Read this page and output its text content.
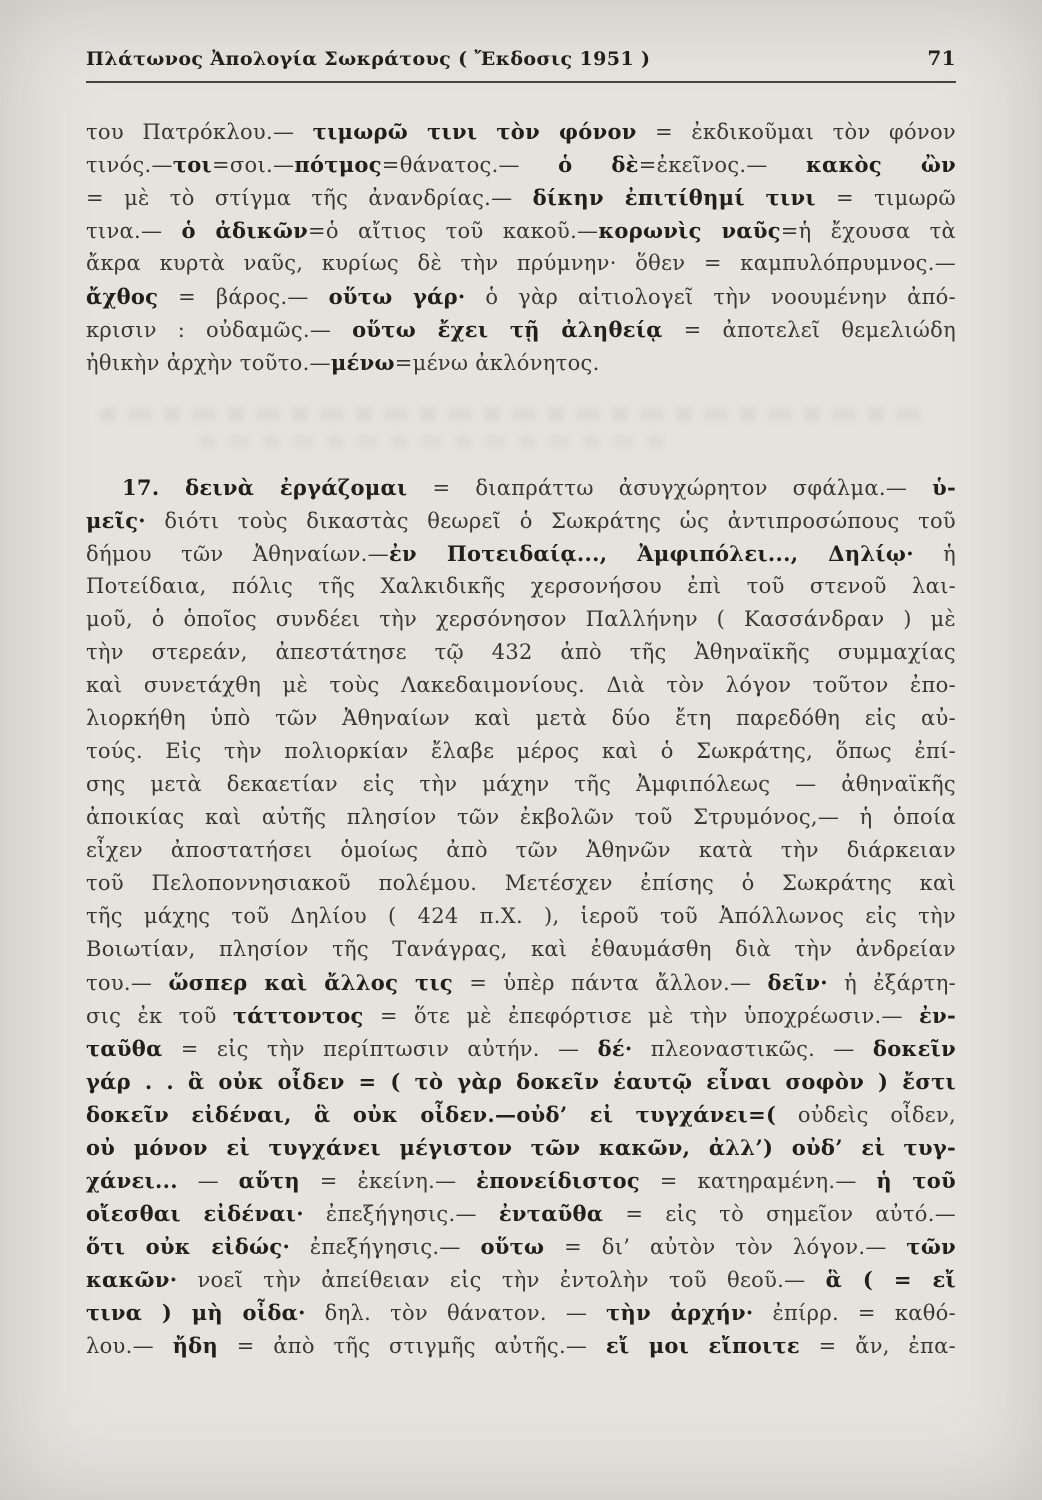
Πλάτωνος Ἀπολογία Σωκράτους ( Ἔκδοσις 1951 )	71
του Πατρόκλου.— τιμωρῶ τινι τὸν φόνον = ἐκδικοῦμαι τὸν φόνον
τινός.—τοι=σοι.—πότμος=θάνατος.— ὁ δὲ=ἐκεῖνος.— κακὸς ὢν
= μὲ τὸ στίγμα τῆς ἀνανδρίας.— δίκην ἐπιτίθημί τινι = τιμωρῶ
τινα.— ὁ ἀδικῶν=ὁ αἴτιος τοῦ κακοῦ.—κορωνὶς ναῦς=ἡ ἔχουσα τὰ
ἄκρα κυρτὰ ναῦς, κυρίως δὲ τὴν πρύμνην· ὅθεν = καμπυλόπρυμνος.—
ἄχθος = βάρος.— οὕτω γάρ· ὁ γὰρ αἰτιολογεῖ τὴν νοουμένην ἀπό-
κρισιν : οὐδαμῶς.— οὕτω ἔχει τῇ ἀληθείᾳ = ἀποτελεῖ θεμελιώδη
ἠθικὴν ἀρχὴν τοῦτο.—μένω=μένω ἀκλόνητος.
17. δεινὰ ἐργάζομαι = διαπράττω ἀσυγχώρητον σφάλμα.— ὑ-
μεῖς· διότι τοὺς δικαστὰς θεωρεῖ ὁ Σωκράτης ὡς ἀντιπροσώπους τοῦ
δήμου τῶν Ἀθηναίων.—ἐν Ποτειδαίᾳ..., Ἀμφιπόλει..., Δηλίῳ· ἡ
Ποτείδαια, πόλις τῆς Χαλκιδικῆς χερσονήσου ἐπὶ τοῦ στενοῦ λαι-
μοῦ, ὁ ὁποῖος συνδέει τὴν χερσόνησον Παλλήνην ( Κασσάνδραν ) μὲ
τὴν στερεάν, ἀπεστάτησε τῷ 432 ἀπὸ τῆς Ἀθηναϊκῆς συμμαχίας
καὶ συνετάχθη μὲ τοὺς Λακεδαιμονίους. Διὰ τὸν λόγον τοῦτον ἐπο-
λιορκήθη ὑπὸ τῶν Ἀθηναίων καὶ μετὰ δύο ἔτη παρεδόθη εἰς αὐ-
τούς. Εἰς τὴν πολιορκίαν ἔλαβε μέρος καὶ ὁ Σωκράτης, ὅπως ἐπί-
σης μετὰ δεκαετίαν εἰς τὴν μάχην τῆς Ἀμφιπόλεως — ἀθηναϊκῆς
ἀποικίας καὶ αὐτῆς πλησίον τῶν ἐκβολῶν τοῦ Στρυμόνος,— ἡ ὁποία
εἶχεν ἀποστατήσει ὁμοίως ἀπὸ τῶν Ἀθηνῶν κατὰ τὴν διάρκειαν
τοῦ Πελοποννησιακοῦ πολέμου. Μετέσχεν ἐπίσης ὁ Σωκράτης καὶ
τῆς μάχης τοῦ Δηλίου ( 424 π.Χ. ), ἱεροῦ τοῦ Ἀπόλλωνος εἰς τὴν
Βοιωτίαν, πλησίον τῆς Τανάγρας, καὶ ἐθαυμάσθη διὰ τὴν ἀνδρείαν
του.— ὥσπερ καὶ ἄλλος τις = ὑπὲρ πάντα ἄλλον.— δεῖν· ἡ ἐξάρτη-
σις ἐκ τοῦ τάττοντος = ὅτε μὲ ἐπεφόρτισε μὲ τὴν ὑποχρέωσιν.— ἐν-
ταῦθα = εἰς τὴν περίπτωσιν αὐτήν. — δέ· πλεοναστικῶς. — δοκεῖν
γάρ . . ἃ οὐκ οἶδεν = ( τὸ γὰρ δοκεῖν ἑαυτῷ εἶναι σοφὸν ) ἔστι
δοκεῖν εἰδέναι, ἃ οὐκ οἶδεν.—οὐδ’ εἰ τυγχάνει=( οὐδεὶς οἶδεν,
οὐ μόνον εἰ τυγχάνει μέγιστον τῶν κακῶν, ἀλλ’) οὐδ’ εἰ τυγ-
χάνει... — αὕτη = ἐκείνη.— ἐπονείδιστος = κατηραμένη.— ἡ τοῦ
οἴεσθαι εἰδέναι· ἐπεξήγησις.— ἐνταῦθα = εἰς τὸ σημεῖον αὐτό.—
ὅτι οὐκ εἰδώς· ἐπεξήγησις.— οὕτω = δι’ αὐτὸν τὸν λόγον.— τῶν
κακῶν· νοεῖ τὴν ἀπείθειαν εἰς τὴν ἐντολὴν τοῦ θεοῦ.— ἃ ( = εἴ
τινα ) μὴ οἶδα· δηλ. τὸν θάνατον. — τὴν ἀρχήν· ἐπίρρ. = καθό-
λου.— ἤδη = ἀπὸ τῆς στιγμῆς αὐτῆς.— εἴ μοι εἴποιτε = ἄν, ἐπα-
